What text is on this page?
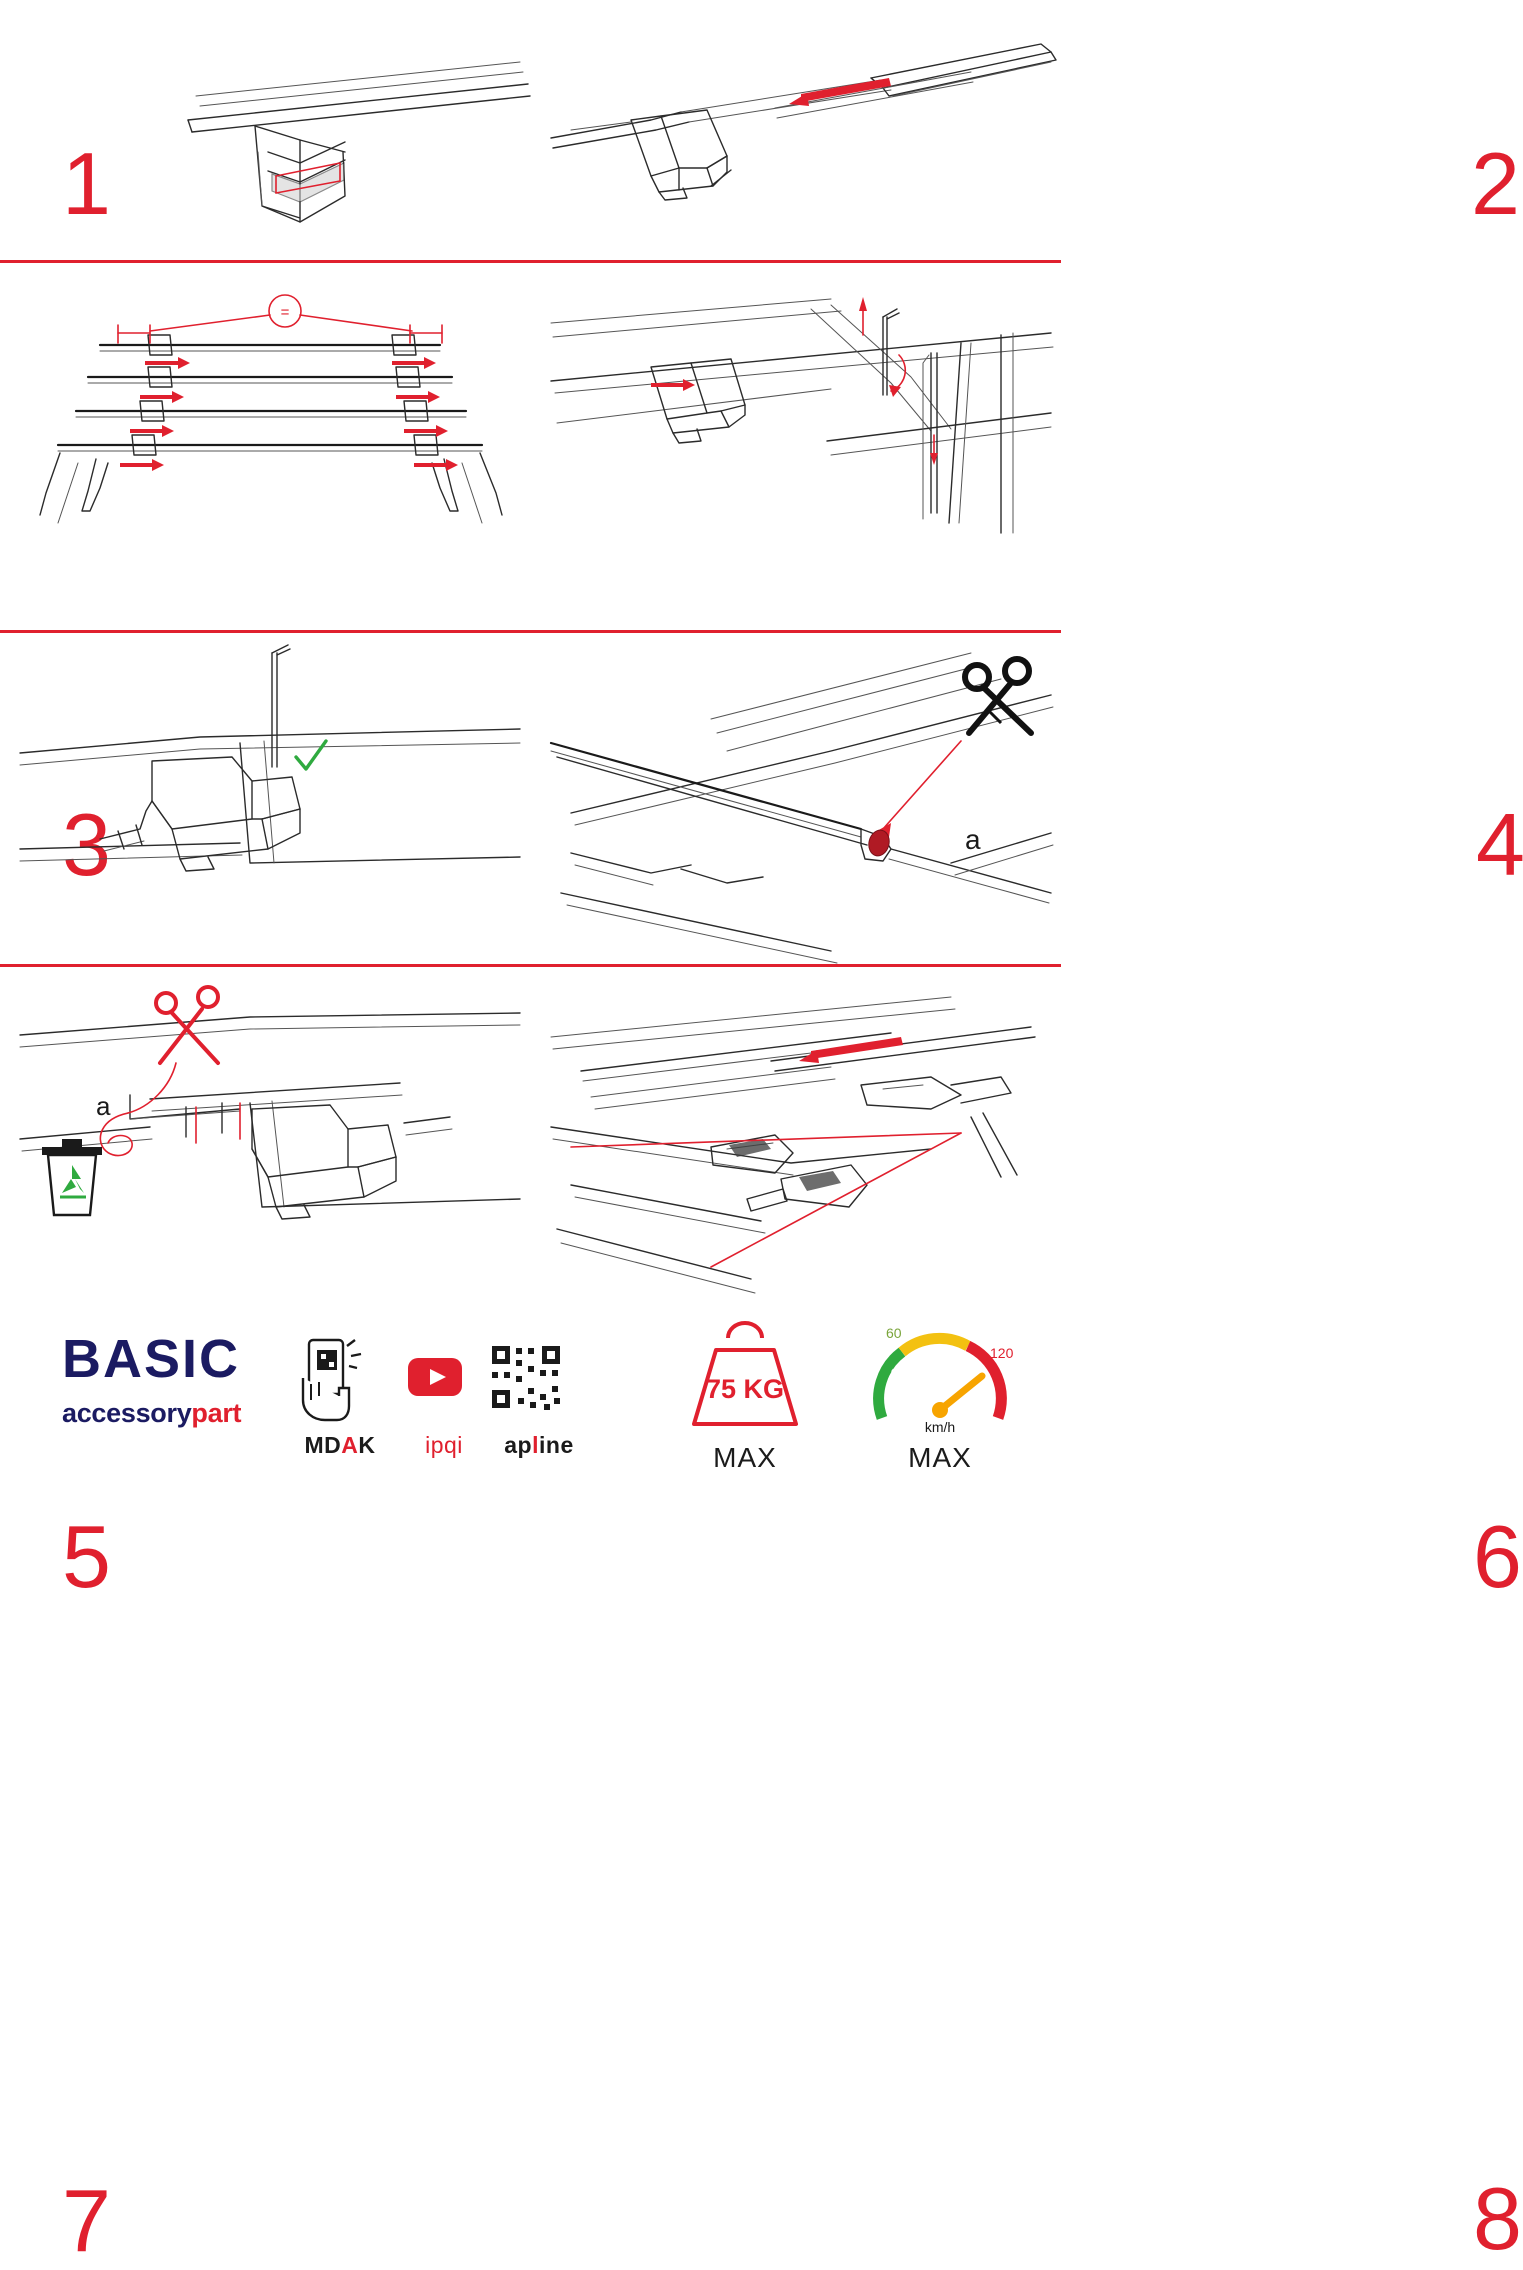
1	2
=
3	4
5
a
6
a
7	8
BASIC
accessorypart
MDAK	ipqi	apline
75 KG
MAX
60
120
km/h
MAX
